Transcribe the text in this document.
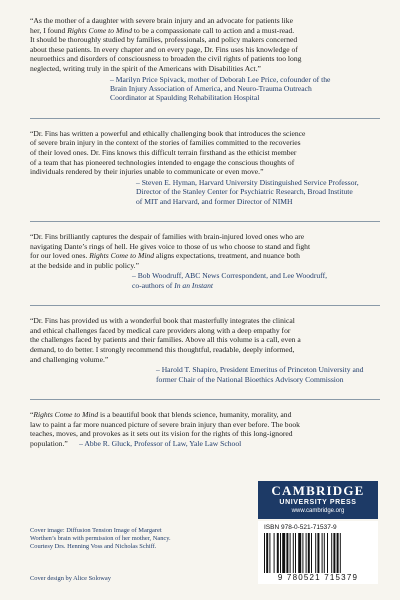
“As the mother of a daughter with severe brain injury and an advocate for patients like
her, I found Rights Come to Mind to be a compassionate call to action and a must-read.
It should be thoroughly studied by families, professionals, and policy makers concerned
about these patients. In every chapter and on every page, Dr. Fins uses his knowledge of
neuroethics and disorders of consciousness to broaden the civil rights of patients too long
neglected, writing truly in the spirit of the Americans with Disabilities Act.”

– Marilyn Price Spivack, mother of Deborah Lee Price, cofounder of the
Brain Injury Association of America, and Neuro-Trauma Outreach
Coordinator at Spaulding Rehabilitation Hospital

“Dr. Fins has written a powerful and ethically challenging book that introduces the science
of severe brain injury in the context of the stories of families committed to the recoveries
of their loved ones. Dr. Fins knows this difficult terrain firsthand as the ethicist member
of a team that has pioneered technologies intended to engage the conscious thoughts of
individuals rendered by their injuries unable to communicate or even move.”

– Steven E. Hyman, Harvard University Distinguished Service Professor,
Director of the Stanley Center for Psychiatric Research, Broad Institute
of MIT and Harvard, and former Director of NIMH

“Dr. Fins brilliantly captures the despair of families with brain-injured loved ones who are
navigating Dante’s rings of hell. He gives voice to those of us who choose to stand and fight
for our loved ones. Rights Come to Mind aligns expectations, treatment, and nuance both
at the bedside and in public policy.”

– Bob Woodruff, ABC News Correspondent, and Lee Woodruff,
co-authors of In an Instant

“Dr. Fins has provided us with a wonderful book that masterfully integrates the clinical
and ethical challenges faced by medical care providers along with a deep empathy for
the challenges faced by patients and their families. Above all this volume is a call, even a
demand, to do better. I strongly recommend this thoughtful, readable, deeply informed,
and challenging volume.”

– Harold T. Shapiro, President Emeritus of Princeton University and
former Chair of the National Bioethics Advisory Commission

“Rights Come to Mind is a beautiful book that blends science, humanity, morality, and
law to paint a far more nuanced picture of severe brain injury than ever before. The book
teaches, moves, and provokes as it sets out its vision for the rights of this long-ignored
population.”      – Abbe R. Gluck, Professor of Law, Yale Law School

CAMBRIDGE
UNIVERSITY PRESS
www.cambridge.org
ISBN 978-0-521-71537-9
9 780521 715379

Cover image: Diffusion Tension Image of Margaret

Worthen’s brain with permission of her mother, Nancy.

Courtesy Drs. Henning Voss and Nicholas Schiff.

Cover design by Alice Soloway
